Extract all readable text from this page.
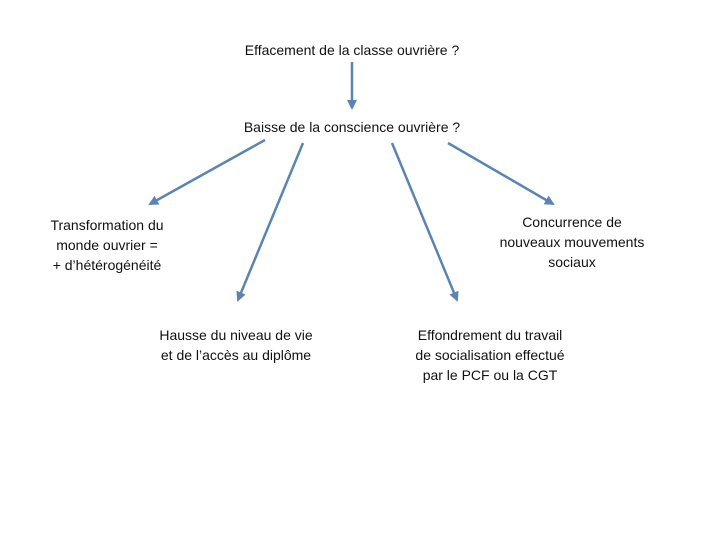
Effacement de la classe ouvrière ?
Baisse de la conscience ouvrière ?
Transformation du
monde ouvrier =
+ d’hétérogénéité
Concurrence de
nouveaux mouvements
sociaux
Hausse du niveau de vie
et de l’accès au diplôme
Effondrement du travail
de socialisation effectué
par le PCF ou la CGT
